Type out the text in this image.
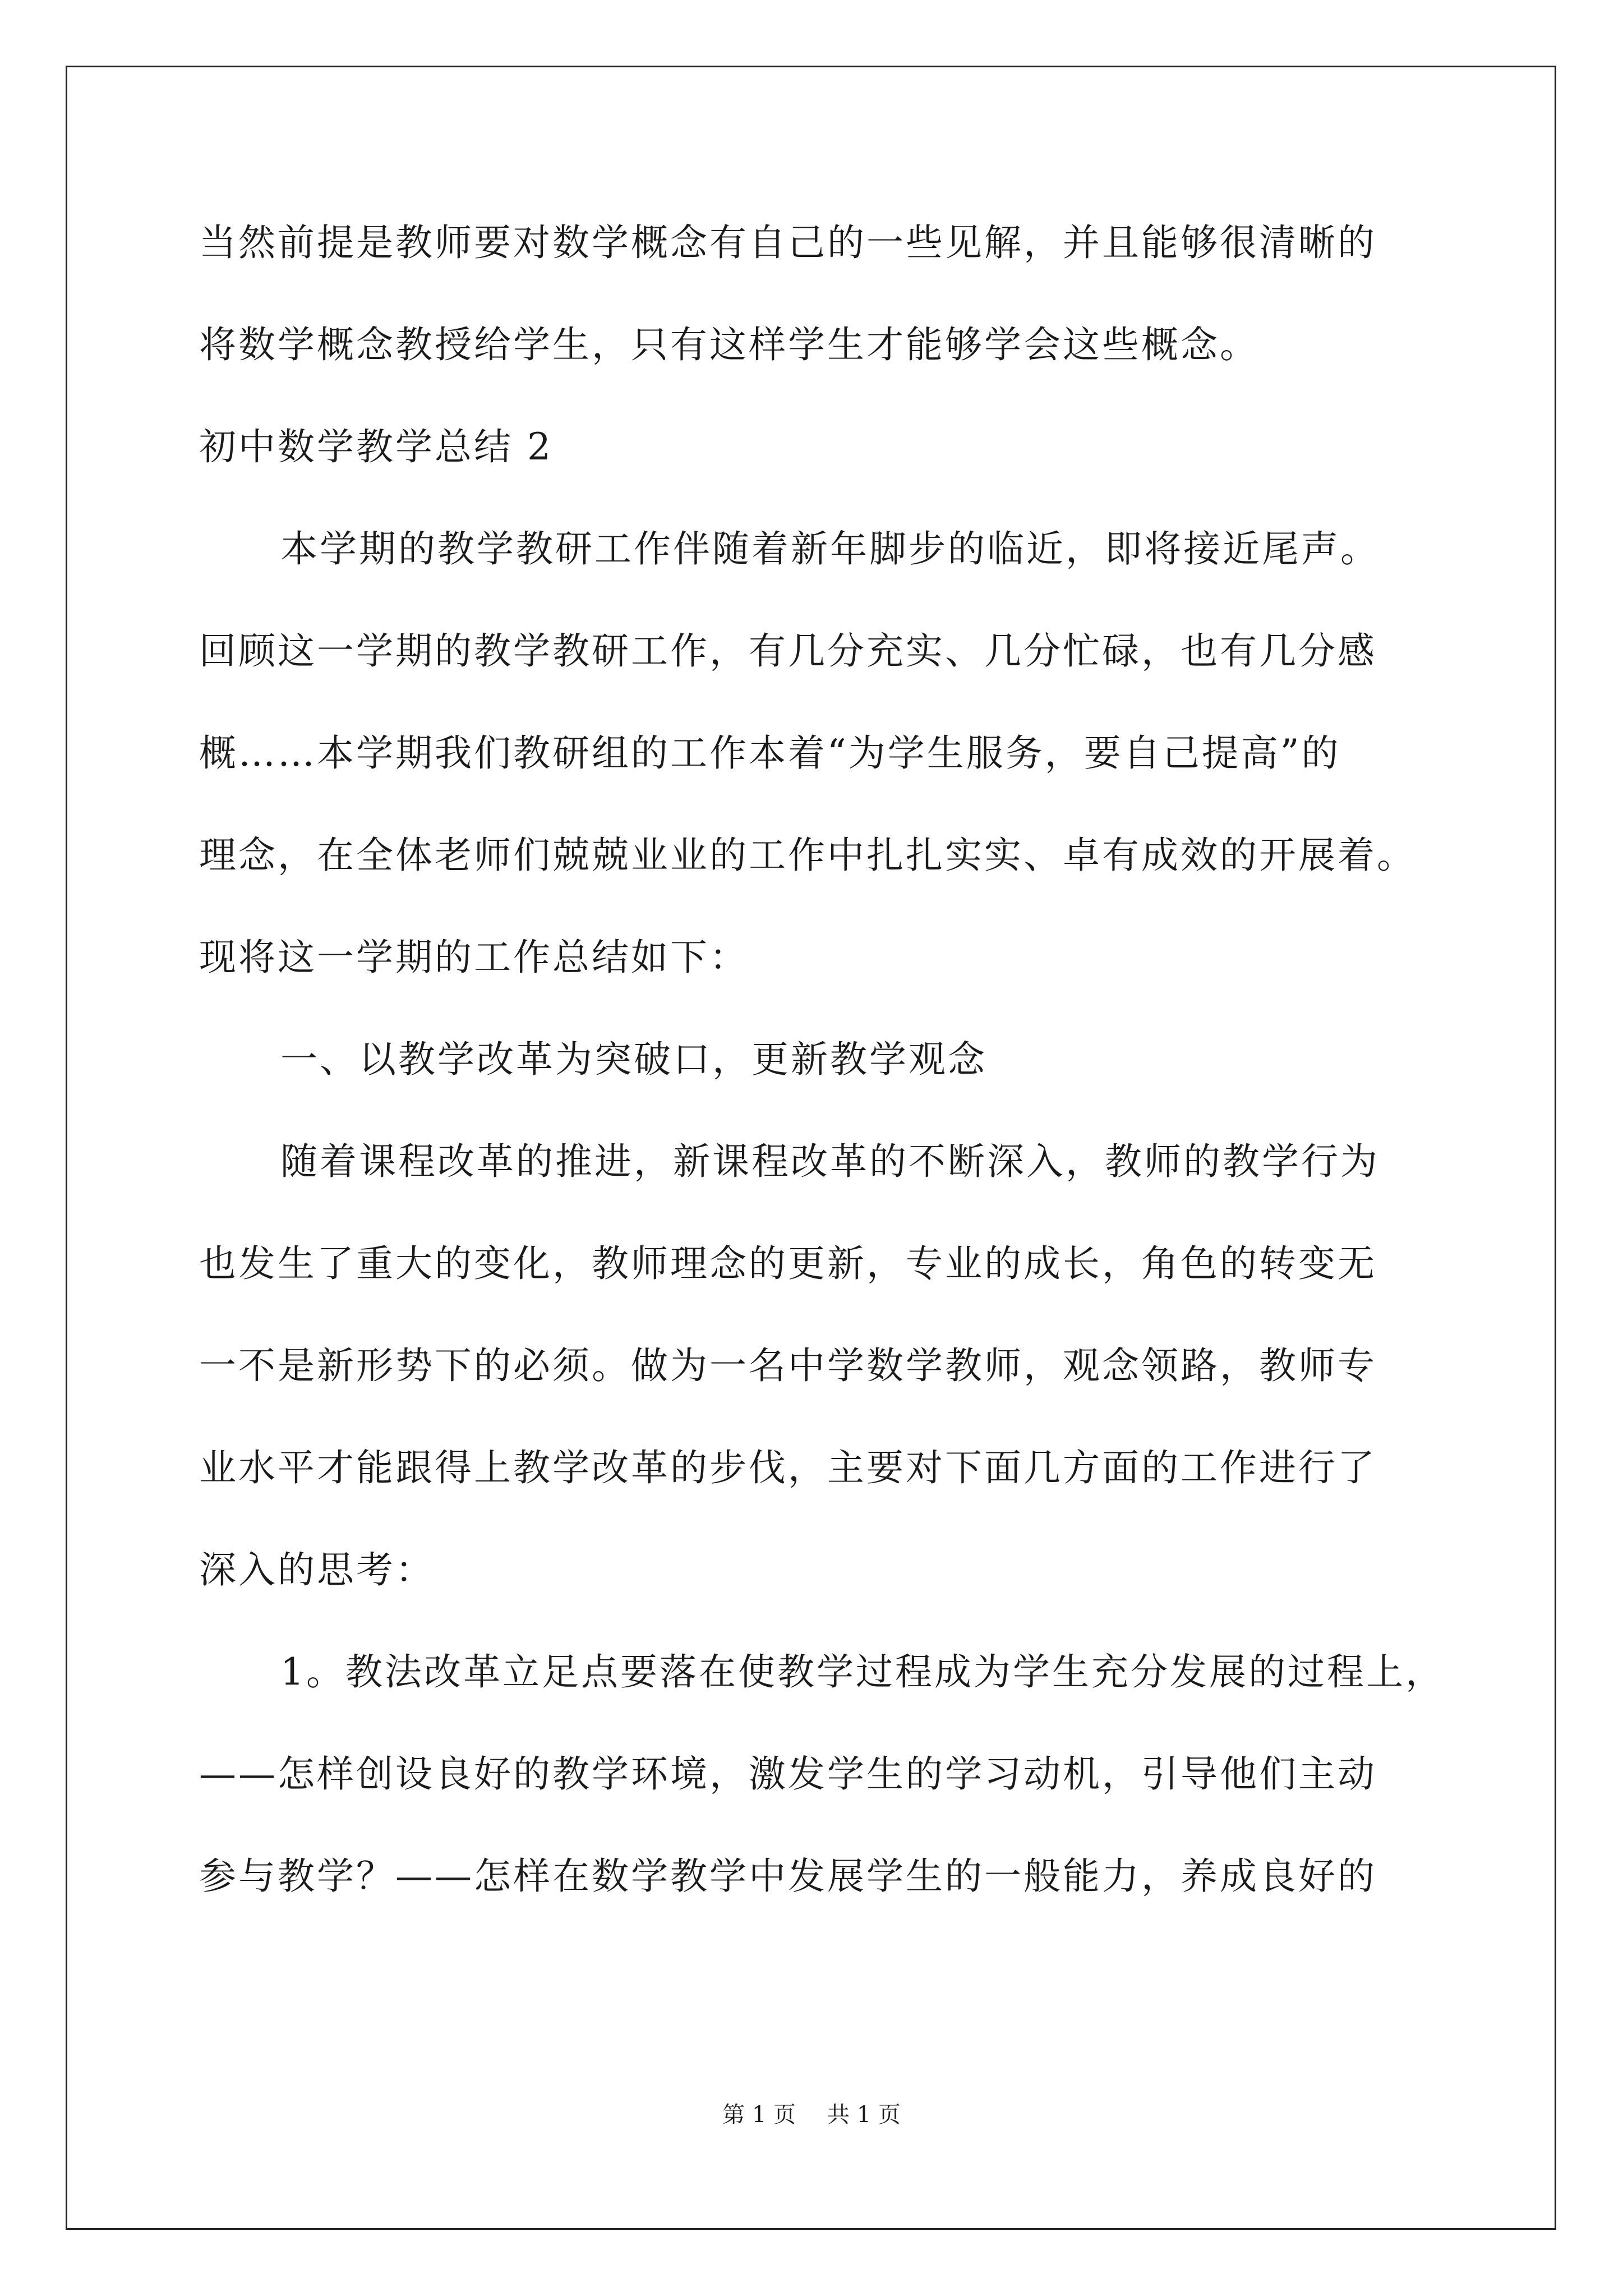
当然前提是教师要对数学概念有自己的一些见解，并且能够很清晰的
将数学概念教授给学生，只有这样学生才能够学会这些概念。
初中数学教学总结 2
本学期的教学教研工作伴随着新年脚步的临近，即将接近尾声。
回顾这一学期的教学教研工作，有几分充实、几分忙碌，也有几分感
概……本学期我们教研组的工作本着“为学生服务，要自己提高”的
理念，在全体老师们兢兢业业的工作中扎扎实实、卓有成效的开展着。
现将这一学期的工作总结如下：
一、以教学改革为突破口，更新教学观念
随着课程改革的推进，新课程改革的不断深入，教师的教学行为
也发生了重大的变化，教师理念的更新，专业的成长，角色的转变无
一不是新形势下的必须。做为一名中学数学教师，观念领路，教师专
业水平才能跟得上教学改革的步伐，主要对下面几方面的工作进行了
深入的思考：
1。教法改革立足点要落在使教学过程成为学生充分发展的过程上，
——怎样创设良好的教学环境，激发学生的学习动机，引导他们主动
参与教学？——怎样在数学教学中发展学生的一般能力，养成良好的
第 1 页 共 1 页
